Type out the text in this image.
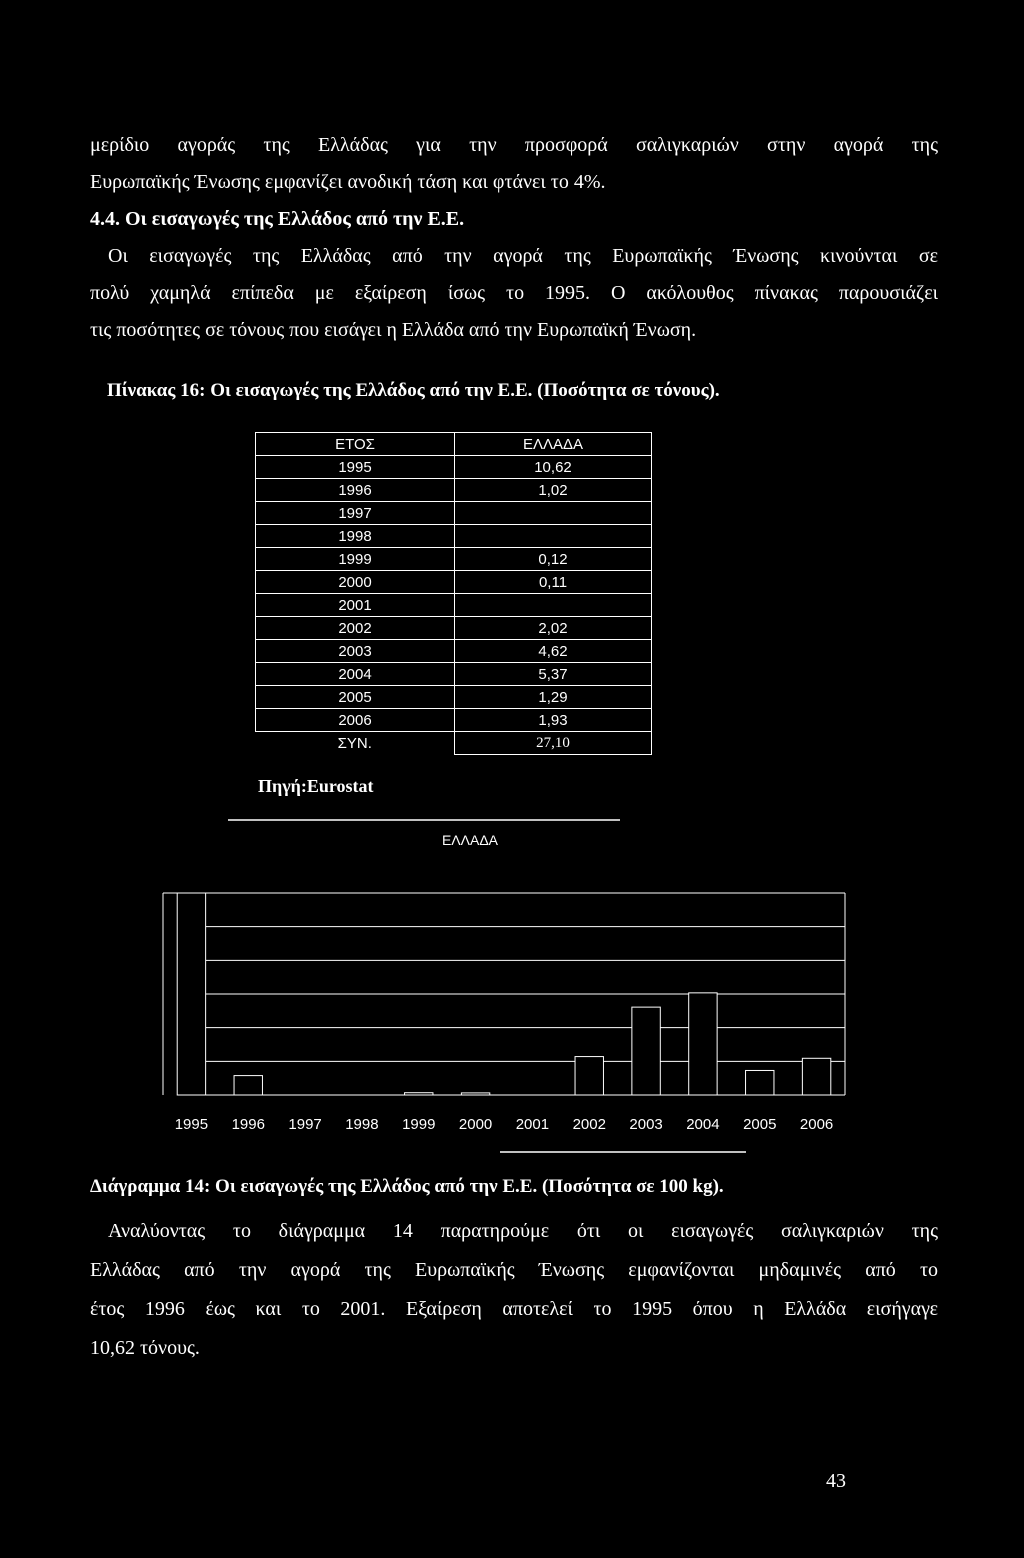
μερίδιο αγοράς της Ελλάδας για την προσφορά σαλιγκαριών στην αγορά της
Ευρωπαϊκής Ένωσης εμφανίζει ανοδική τάση και φτάνει το 4%.
4.4. Οι εισαγωγές της Ελλάδος από την Ε.Ε.
Οι εισαγωγές της Ελλάδας από την αγορά της Ευρωπαϊκής Ένωσης κινούνται σε
πολύ χαμηλά επίπεδα με εξαίρεση ίσως το 1995. Ο ακόλουθος πίνακας παρουσιάζει
τις ποσότητες σε τόνους που εισάγει η Ελλάδα από την Ευρωπαϊκή Ένωση.
Πίνακας 16: Οι εισαγωγές της Ελλάδος από την Ε.Ε. (Ποσότητα σε τόνους).
ΕΤΟΣ	ΕΛΛΑΔΑ
1995	10,62
1996	1,02
1997	
1998	
1999	0,12
2000	0,11
2001	
2002	2,02
2003	4,62
2004	5,37
2005	1,29
2006	1,93
ΣΥΝ.	27,10
Πηγή:Eurostat
ΕΛΛΑΔΑ
1995 1996 1997 1998 1999 2000 2001 2002 2003 2004 2005 2006
Διάγραμμα 14: Οι εισαγωγές της Ελλάδος από την Ε.Ε. (Ποσότητα σε 100 kg).
Αναλύοντας το διάγραμμα 14 παρατηρούμε ότι οι εισαγωγές σαλιγκαριών της
Ελλάδας από την αγορά της Ευρωπαϊκής Ένωσης εμφανίζονται μηδαμινές από το
έτος 1996 έως και το 2001. Εξαίρεση αποτελεί το 1995 όπου η Ελλάδα εισήγαγε
10,62 τόνους.
43
